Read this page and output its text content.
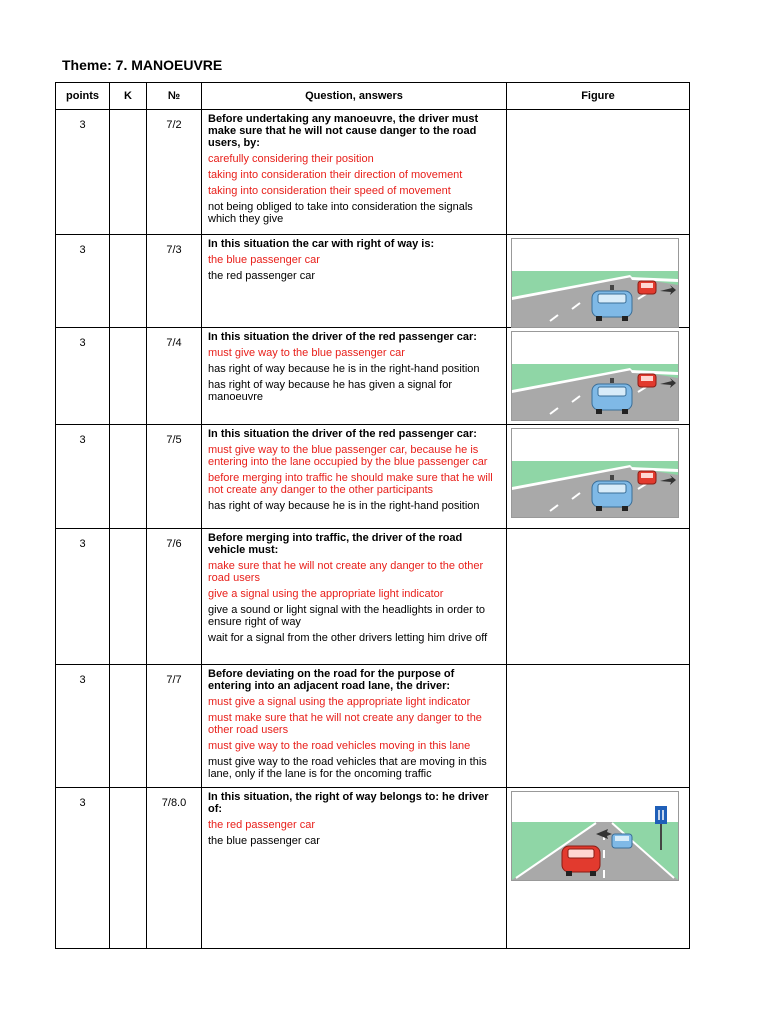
Theme: 7. MANOEUVRE
points	K	№	Question, answers	Figure
3		7/2	Before undertaking any manoeuvre, the driver must make sure that he will not cause danger to the road users, by:
carefully considering their position
taking into consideration their direction of movement
taking into consideration their speed of movement
not being obliged to take into consideration the signals which they give	

3		7/3	In this situation the car with right of way is:
the blue passenger car
the red passenger car

3		7/4	In this situation the driver of the red passenger car:
must give way to the blue passenger car
has right of way because he is in the right-hand position
has right of way because he has given a signal for manoeuvre

3		7/5	In this situation the driver of the red passenger car:
must give way to the blue passenger car, because he is entering into the lane occupied by the blue passenger car
before merging into traffic he should make sure that he will not create any danger to the other participants
has right of way because he is in the right-hand position

3		7/6	Before merging into traffic, the driver of the road vehicle must:
make sure that he will not create any danger to the other road users
give a signal using the appropriate light indicator
give a sound or light signal with the headlights in order to ensure right of way
wait for a signal from the other drivers letting him drive off	

3		7/7	Before deviating on the road for the purpose of entering into an adjacent road lane, the driver:
must give a signal using the appropriate light indicator
must make sure that he will not create any danger to the other road users
must give way to the road vehicles moving in this lane
must give way to the road vehicles that are moving in this lane, only if the lane is for the oncoming traffic	

3		7/8.0	In this situation, the right of way belongs to: he driver of:
the red passenger car
the blue passenger car
